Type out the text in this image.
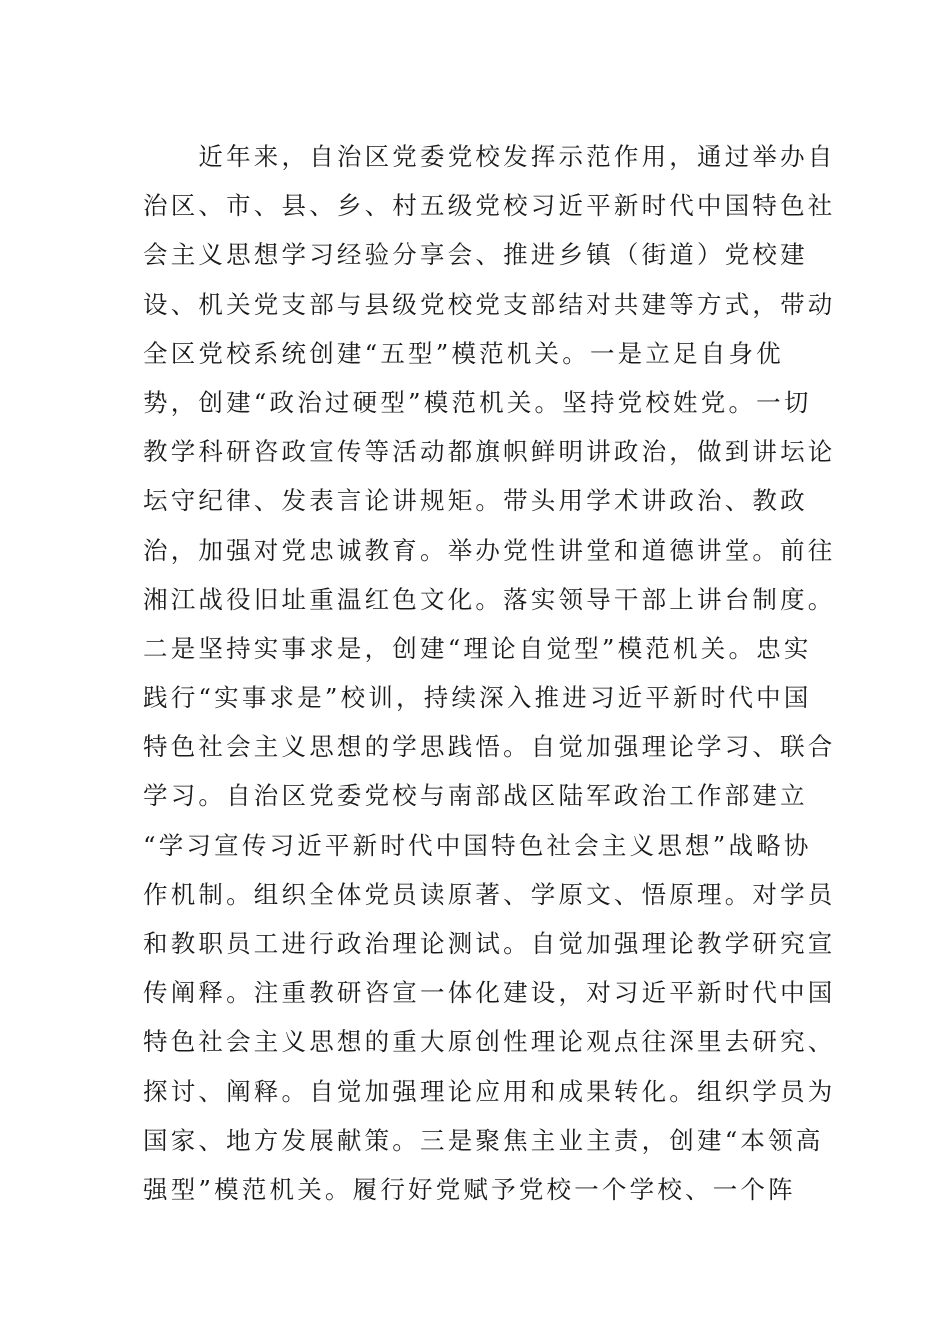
　　近年来，自治区党委党校发挥示范作用，通过举办自
治区、市、县、乡、村五级党校习近平新时代中国特色社
会主义思想学习经验分享会、推进乡镇（街道）党校建
设、机关党支部与县级党校党支部结对共建等方式，带动
全区党校系统创建“五型”模范机关。一是立足自身优
势，创建“政治过硬型”模范机关。坚持党校姓党。一切
教学科研咨政宣传等活动都旗帜鲜明讲政治，做到讲坛论
坛守纪律、发表言论讲规矩。带头用学术讲政治、教政
治，加强对党忠诚教育。举办党性讲堂和道德讲堂。前往
湘江战役旧址重温红色文化。落实领导干部上讲台制度。
二是坚持实事求是，创建“理论自觉型”模范机关。忠实
践行“实事求是”校训，持续深入推进习近平新时代中国
特色社会主义思想的学思践悟。自觉加强理论学习、联合
学习。自治区党委党校与南部战区陆军政治工作部建立
“学习宣传习近平新时代中国特色社会主义思想”战略协
作机制。组织全体党员读原著、学原文、悟原理。对学员
和教职员工进行政治理论测试。自觉加强理论教学研究宣
传阐释。注重教研咨宣一体化建设，对习近平新时代中国
特色社会主义思想的重大原创性理论观点往深里去研究、
探讨、阐释。自觉加强理论应用和成果转化。组织学员为
国家、地方发展献策。三是聚焦主业主责，创建“本领高
强型”模范机关。履行好党赋予党校一个学校、一个阵
